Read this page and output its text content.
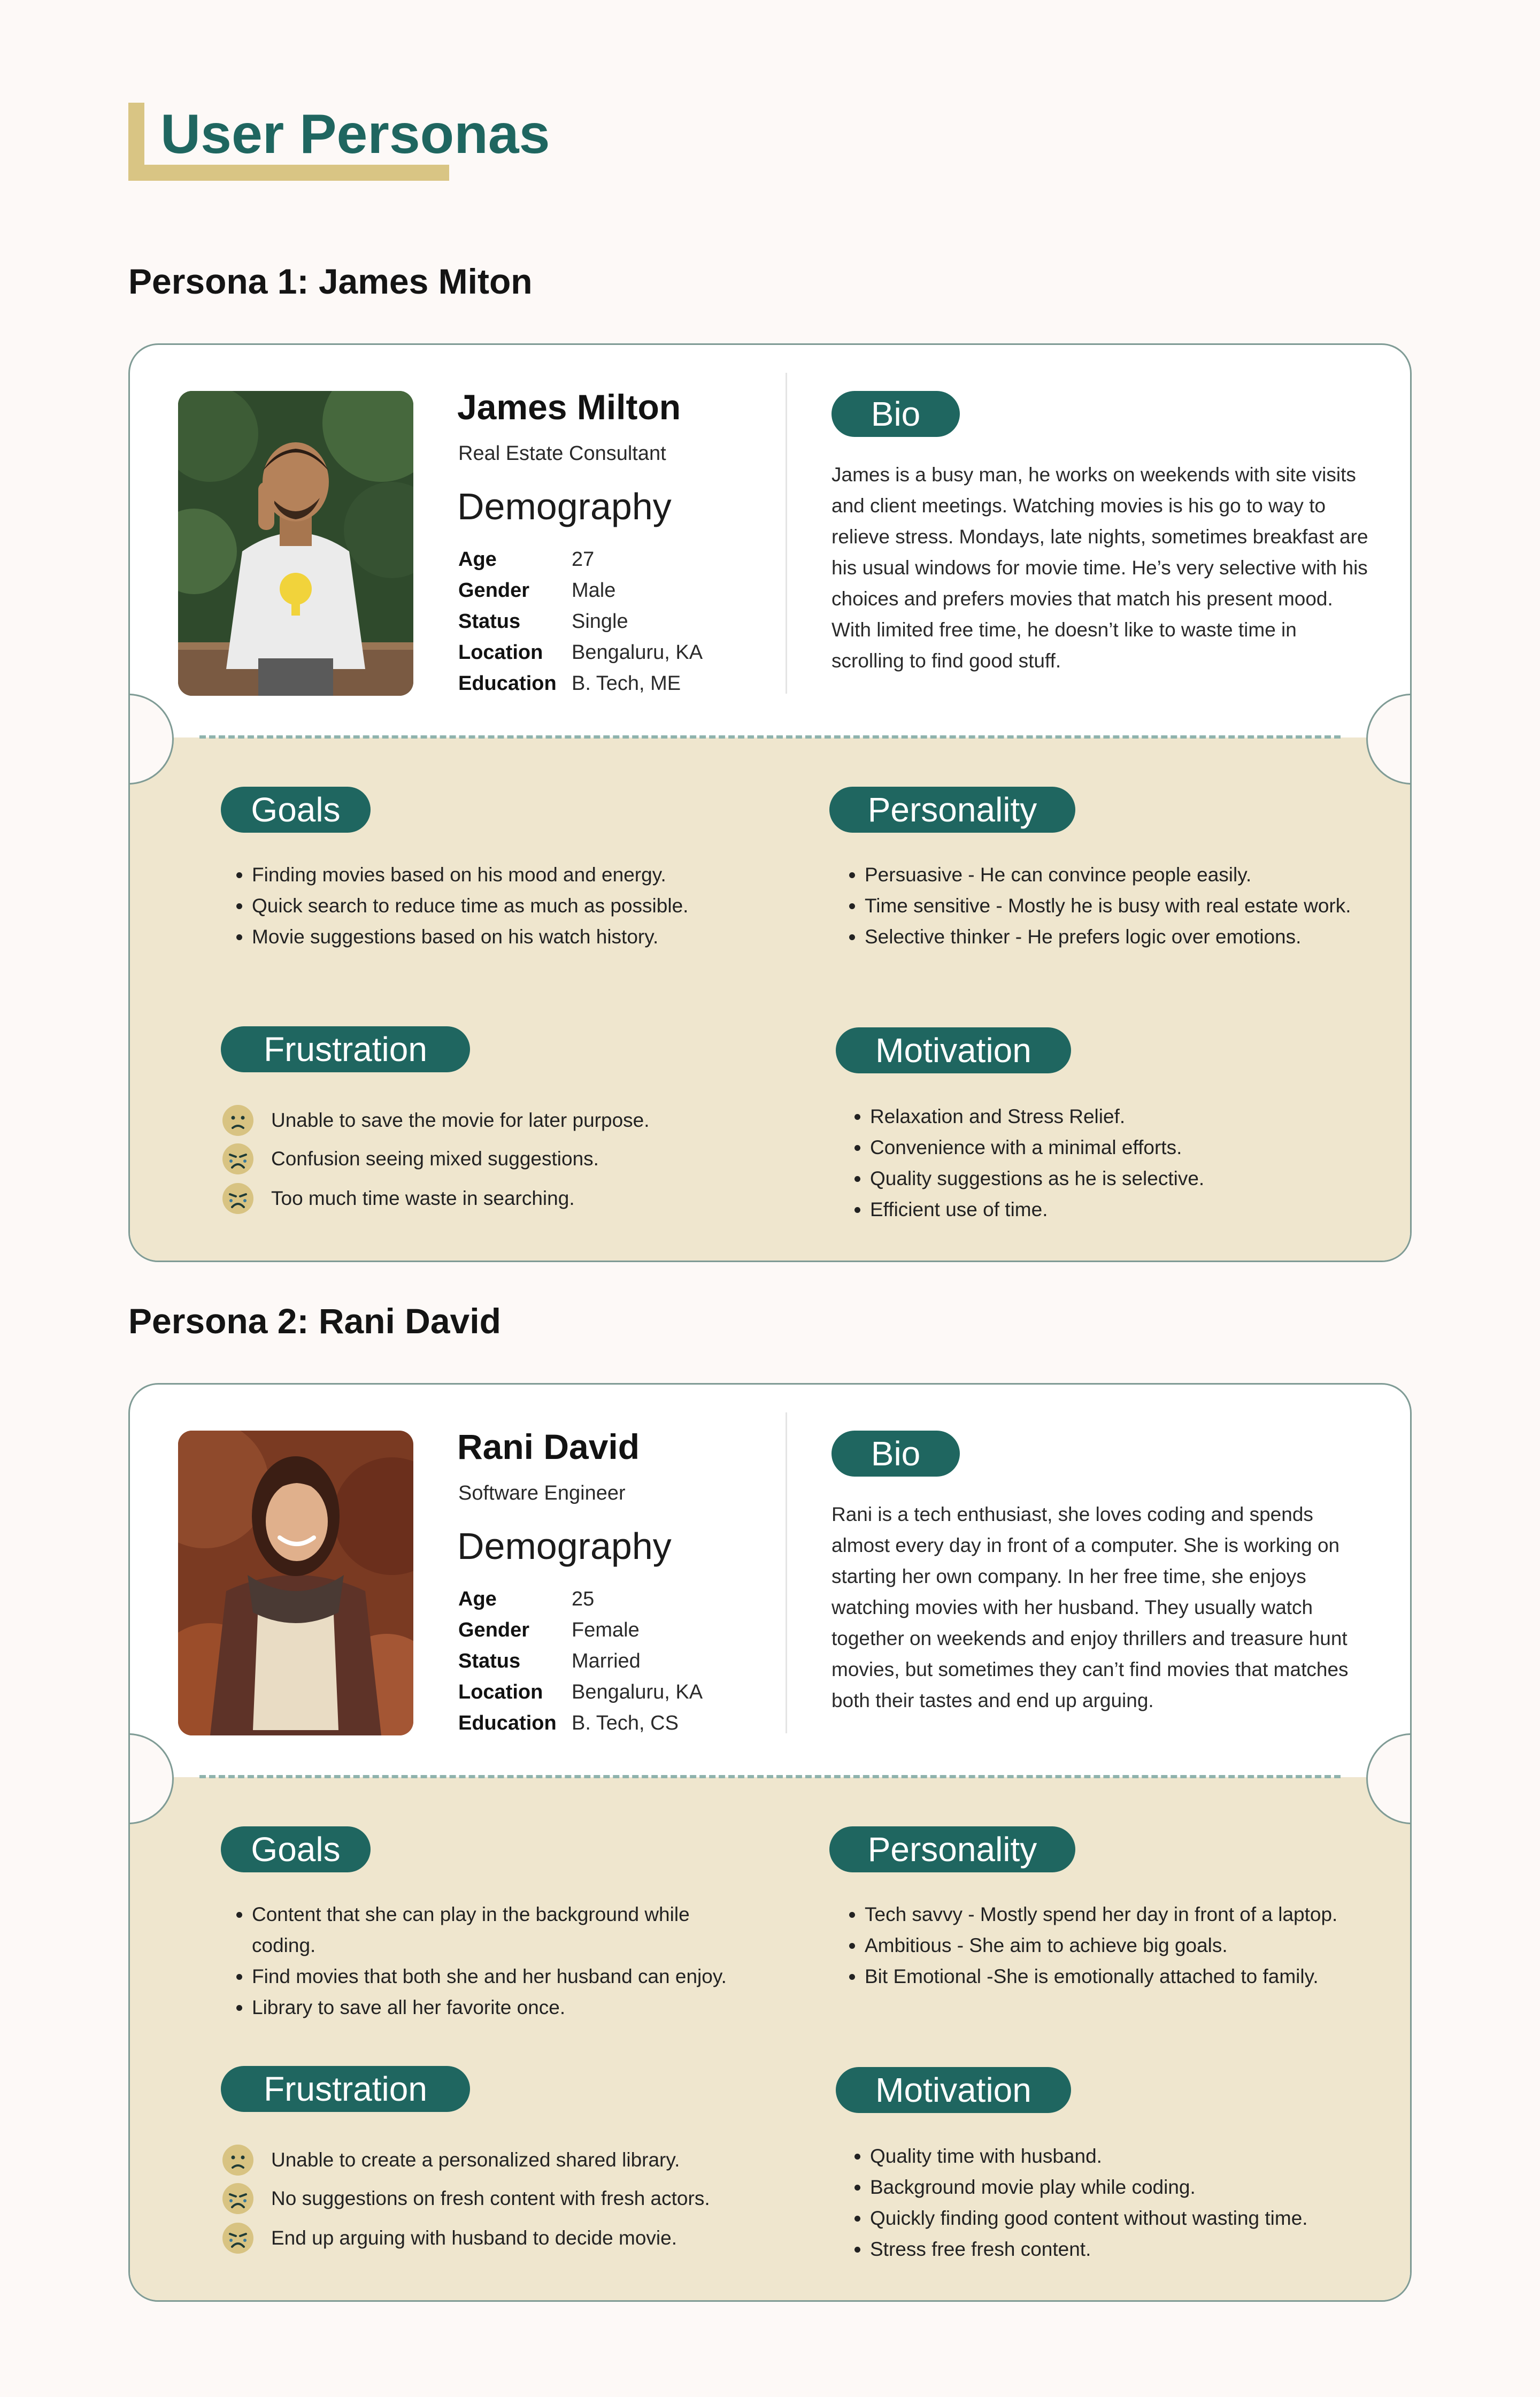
User Personas
Persona 1: James Miton
James Milton
Real Estate Consultant
Demography
Age	27
Gender	Male
Status	Single
Location	Bengaluru, KA
Education B. Tech, ME
Bio

James is a busy man, he works on weekends with site visits and client meetings. Watching movies is his go to way to relieve stress. Mondays, late nights, sometimes breakfast are his usual windows for movie time. He’s very selective with his choices and prefers movies that match his present mood. With limited free time, he doesn’t like to waste time in scrolling to find good stuff.

Goals
• Finding movies based on his mood and energy.
• Quick search to reduce time as much as possible.
• Movie suggestions based on his watch history.
Personality
• Persuasive - He can convince people easily.
• Time sensitive - Mostly he is busy with real estate work.
• Selective thinker - He prefers logic over emotions.
Frustration
Unable to save the movie for later purpose.
Confusion seeing mixed suggestions.
Too much time waste in searching.
Motivation
• Relaxation and Stress Relief.
• Convenience with a minimal efforts.
• Quality suggestions as he is selective.
• Efficient use of time.
Persona 2: Rani David
Rani David
Software Engineer
Demography
Age	25
Gender	Female
Status	Married
Location	Bengaluru, KA
Education B. Tech, CS
Bio

Rani is a tech enthusiast, she loves coding and spends almost every day in front of a computer. She is working on starting her own company. In her free time, she enjoys watching movies with her husband. They usually watch together on weekends and enjoy thrillers and treasure hunt movies, but sometimes they can’t find movies that matches both their tastes and end up arguing.

Goals
• Content that she can play in the background while coding.
• Find movies that both she and her husband can enjoy.
• Library to save all her favorite once.
Personality
• Tech savvy - Mostly spend her day in front of a laptop.
• Ambitious - She aim to achieve big goals.
• Bit Emotional -She is emotionally attached to family.
Frustration
Unable to create a personalized shared library.
No suggestions on fresh content with fresh actors.
End up arguing with husband to decide movie.
Motivation
• Quality time with husband.
• Background movie play while coding.
• Quickly finding good content without wasting time.
• Stress free fresh content.
